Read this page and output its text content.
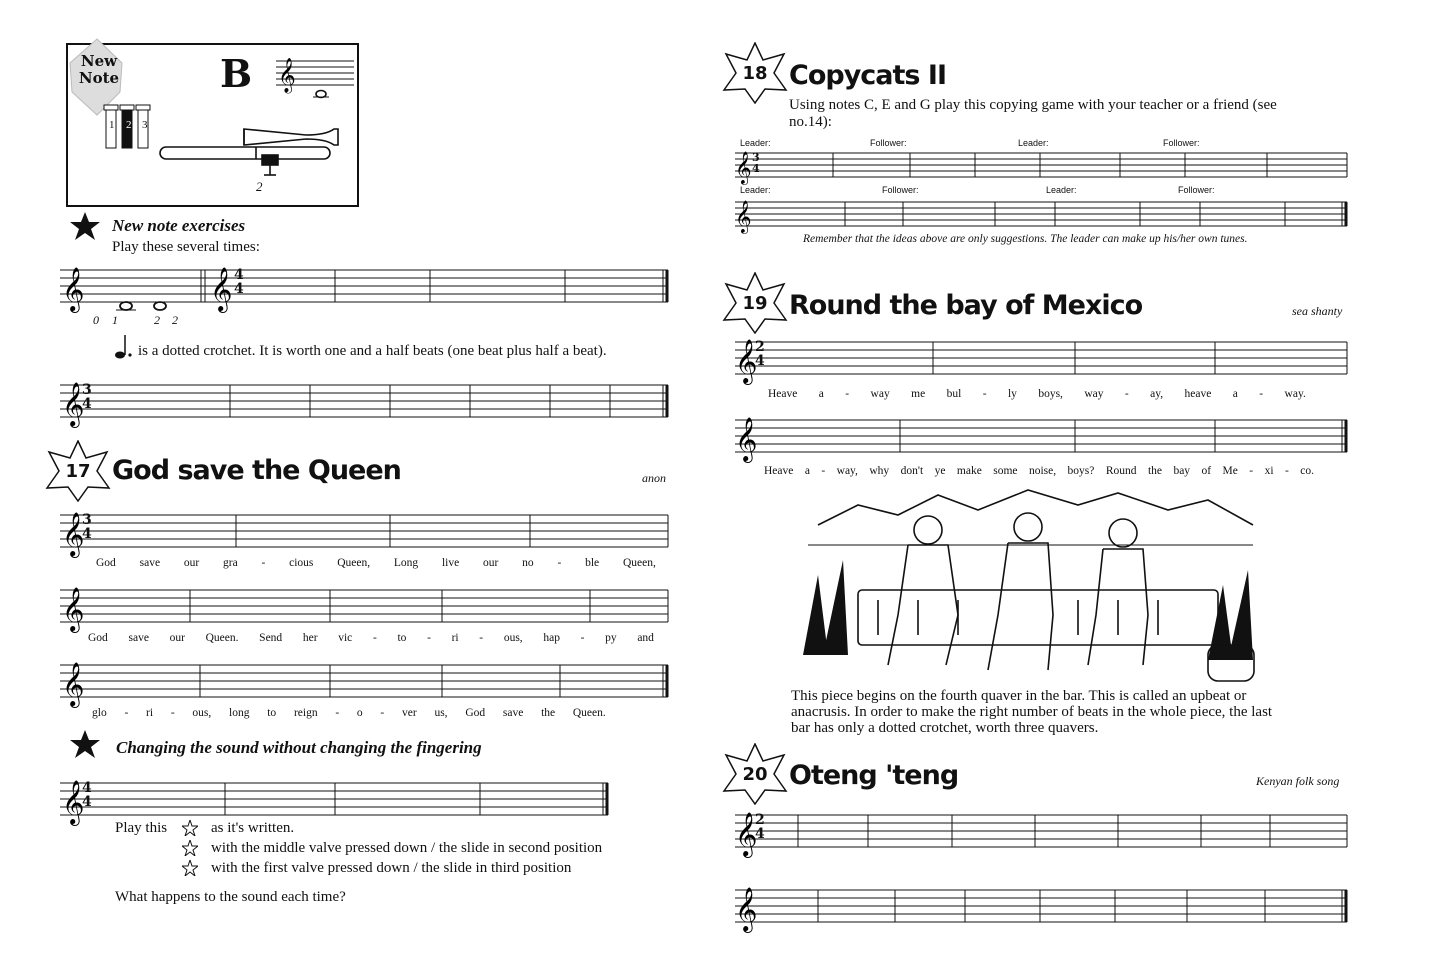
New Note	B 𝄞
1	2 3
2
New note exercises
Play these several times:
𝄞	𝄞 4
4
0 1	2 2
is a dotted crotchet. It is worth one and a half beats (one beat plus half a beat).
𝄞
3
4
17 God save the Queen	anon
𝄞
3
4
God save our gra - cious Queen, Long live our no - ble Queen,
𝄞
God save our Queen. Send her vic - to - ri - ous, hap - py and
𝄞
glo - ri - ous, long to reign - o - ver us, God save the Queen.
Changing the sound without changing the fingering
𝄞
4
4
Play this	as it's written.
with the middle valve pressed down / the slide in second position
with the first valve pressed down / the slide in third position
What happens to the sound each time?
18 Copycats II
Using notes C, E and G play this copying game with your teacher or a friend (see no.14):
Leader:	Follower:	Leader:	Follower:
𝄞 3
4
Leader:	Follower:	Leader:	Follower:
𝄞
Remember that the ideas above are only suggestions. The leader can make up his/her own tunes.
19 Round the bay of Mexico	sea shanty
𝄞
2
4
Heave a - way me bul - ly boys, way - ay, heave a - way.
𝄞
Heave a - way, why don't ye make some noise, boys? Round the bay of Me - xi - co.
This piece begins on the fourth quaver in the bar. This is called an upbeat or anacrusis. In order to make the right number of beats in the whole piece, the last bar has only a dotted crotchet, worth three quavers.
20 Oteng 'teng	Kenyan folk song
𝄞
2
4
𝄞
